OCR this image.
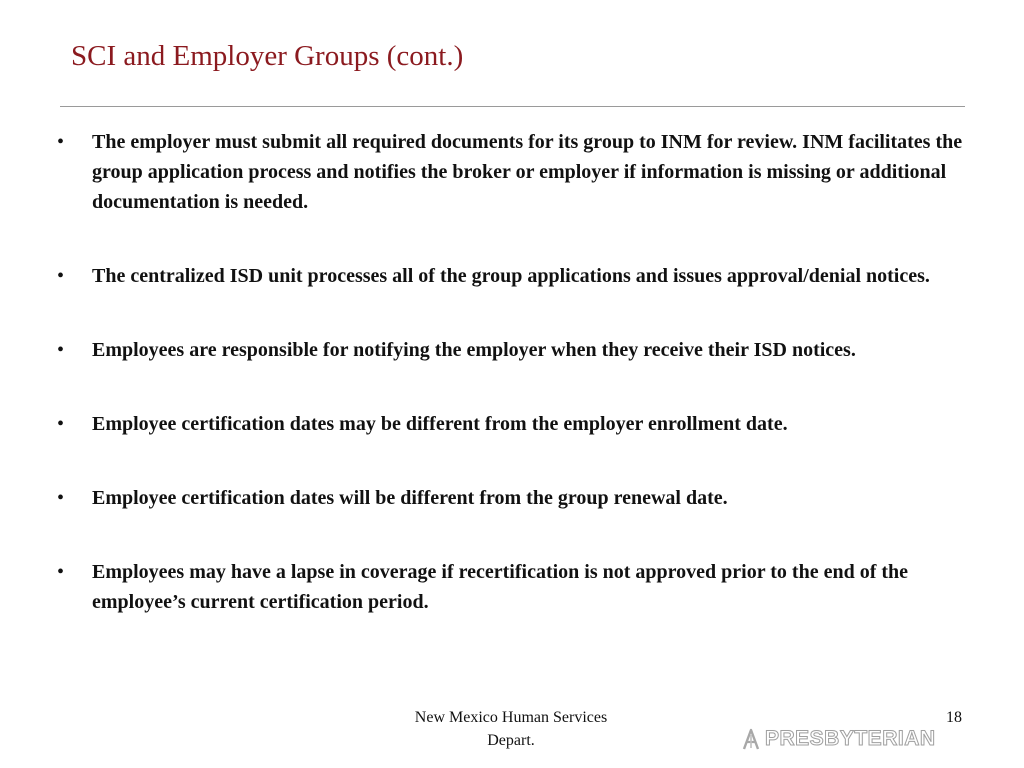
SCI and Employer Groups (cont.)
•	The employer must submit all required documents for its group to INM for review. INM facilitates the group application process and notifies the broker or employer if information is missing or additional documentation is needed.
•	The centralized ISD unit processes all of the group applications and issues approval/denial notices.
•	Employees are responsible for notifying the employer when they receive their ISD notices.
•	Employee certification dates may be different from the employer enrollment date.
•	Employee certification dates will be different from the group renewal date.
•	Employees may have a lapse in coverage if recertification is not approved prior to the end of the employee’s current certification period.
New Mexico Human Services
Depart.
18
PRESBYTERIAN
